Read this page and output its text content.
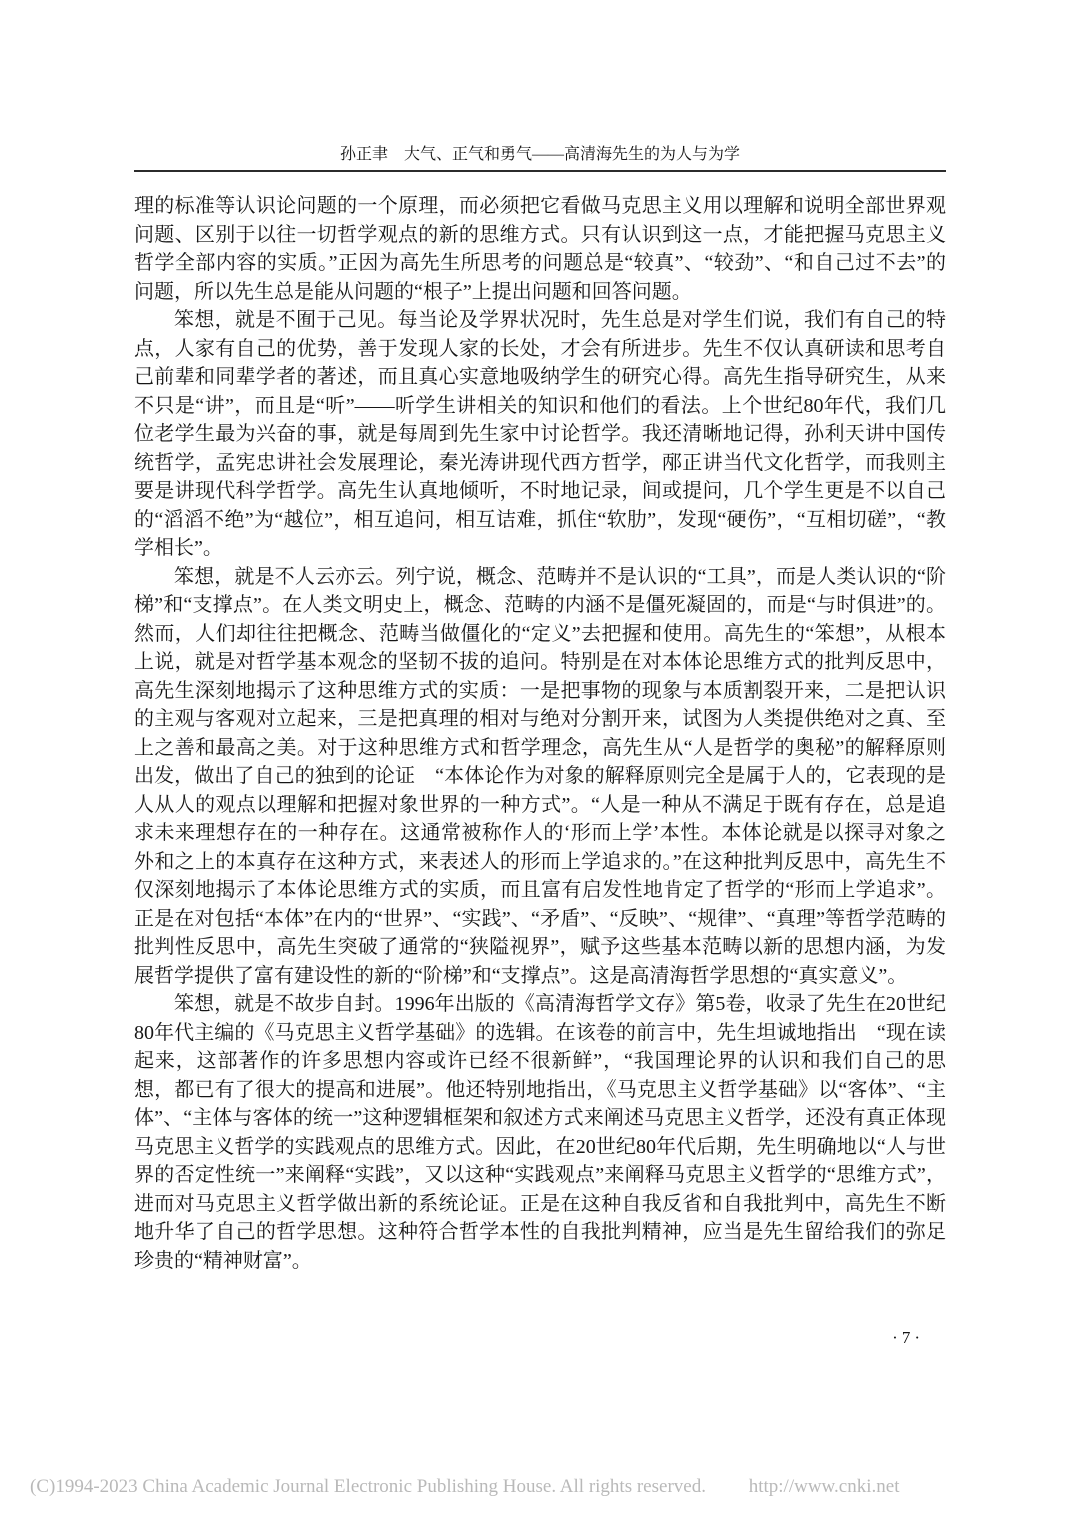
孙正聿　大气、正气和勇气——高清海先生的为人与为学

理的标准等认识论问题的一个原理，而必须把它看做马克思主义用以理解和说明全部世界观问题、区别于以往一切哲学观点的新的思维方式。只有认识到这一点，才能把握马克思主义哲学全部内容的实质。”正因为高先生所思考的问题总是“较真”、“较劲”、“和自己过不去”的问题，所以先生总是能从问题的“根子”上提出问题和回答问题。

笨想，就是不囿于己见。每当论及学界状况时，先生总是对学生们说，我们有自己的特点，人家有自己的优势，善于发现人家的长处，才会有所进步。先生不仅认真研读和思考自己前辈和同辈学者的著述，而且真心实意地吸纳学生的研究心得。高先生指导研究生，从来不只是“讲”，而且是“听”——听学生讲相关的知识和他们的看法。上个世纪80年代，我们几位老学生最为兴奋的事，就是每周到先生家中讨论哲学。我还清晰地记得，孙利天讲中国传统哲学，孟宪忠讲社会发展理论，秦光涛讲现代西方哲学，邴正讲当代文化哲学，而我则主要是讲现代科学哲学。高先生认真地倾听，不时地记录，间或提问，几个学生更是不以自己的“滔滔不绝”为“越位”，相互追问，相互诘难，抓住“软肋”，发现“硬伤”，“互相切磋”，“教学相长”。

笨想，就是不人云亦云。列宁说，概念、范畴并不是认识的“工具”，而是人类认识的“阶梯”和“支撑点”。在人类文明史上，概念、范畴的内涵不是僵死凝固的，而是“与时俱进”的。然而，人们却往往把概念、范畴当做僵化的“定义”去把握和使用。高先生的“笨想”，从根本上说，就是对哲学基本观念的坚韧不拔的追问。特别是在对本体论思维方式的批判反思中，高先生深刻地揭示了这种思维方式的实质：一是把事物的现象与本质割裂开来，二是把认识的主观与客观对立起来，三是把真理的相对与绝对分割开来，试图为人类提供绝对之真、至上之善和最高之美。对于这种思维方式和哲学理念，高先生从“人是哲学的奥秘”的解释原则出发，做出了自己的独到的论证　“本体论作为对象的解释原则完全是属于人的，它表现的是人从人的观点以理解和把握对象世界的一种方式”。“人是一种从不满足于既有存在，总是追求未来理想存在的一种存在。这通常被称作人的‘形而上学’本性。本体论就是以探寻对象之外和之上的本真存在这种方式，来表述人的形而上学追求的。”在这种批判反思中，高先生不仅深刻地揭示了本体论思维方式的实质，而且富有启发性地肯定了哲学的“形而上学追求”。正是在对包括“本体”在内的“世界”、“实践”、“矛盾”、“反映”、“规律”、“真理”等哲学范畴的批判性反思中，高先生突破了通常的“狭隘视界”，赋予这些基本范畴以新的思想内涵，为发展哲学提供了富有建设性的新的“阶梯”和“支撑点”。这是高清海哲学思想的“真实意义”。

笨想，就是不故步自封。1996年出版的《高清海哲学文存》第5卷，收录了先生在20世纪80年代主编的《马克思主义哲学基础》的选辑。在该卷的前言中，先生坦诚地指出　“现在读起来，这部著作的许多思想内容或许已经不很新鲜”，“我国理论界的认识和我们自己的思想，都已有了很大的提高和进展”。他还特别地指出，《马克思主义哲学基础》以“客体”、“主体”、“主体与客体的统一”这种逻辑框架和叙述方式来阐述马克思主义哲学，还没有真正体现马克思主义哲学的实践观点的思维方式。因此，在20世纪80年代后期，先生明确地以“人与世界的否定性统一”来阐释“实践”，又以这种“实践观点”来阐释马克思主义哲学的“思维方式”，进而对马克思主义哲学做出新的系统论证。正是在这种自我反省和自我批判中，高先生不断地升华了自己的哲学思想。这种符合哲学本性的自我批判精神，应当是先生留给我们的弥足珍贵的“精神财富”。

·7·
(C)1994-2023 China Academic Journal Electronic Publishing House. All rights reserved. http://www.cnki.net
